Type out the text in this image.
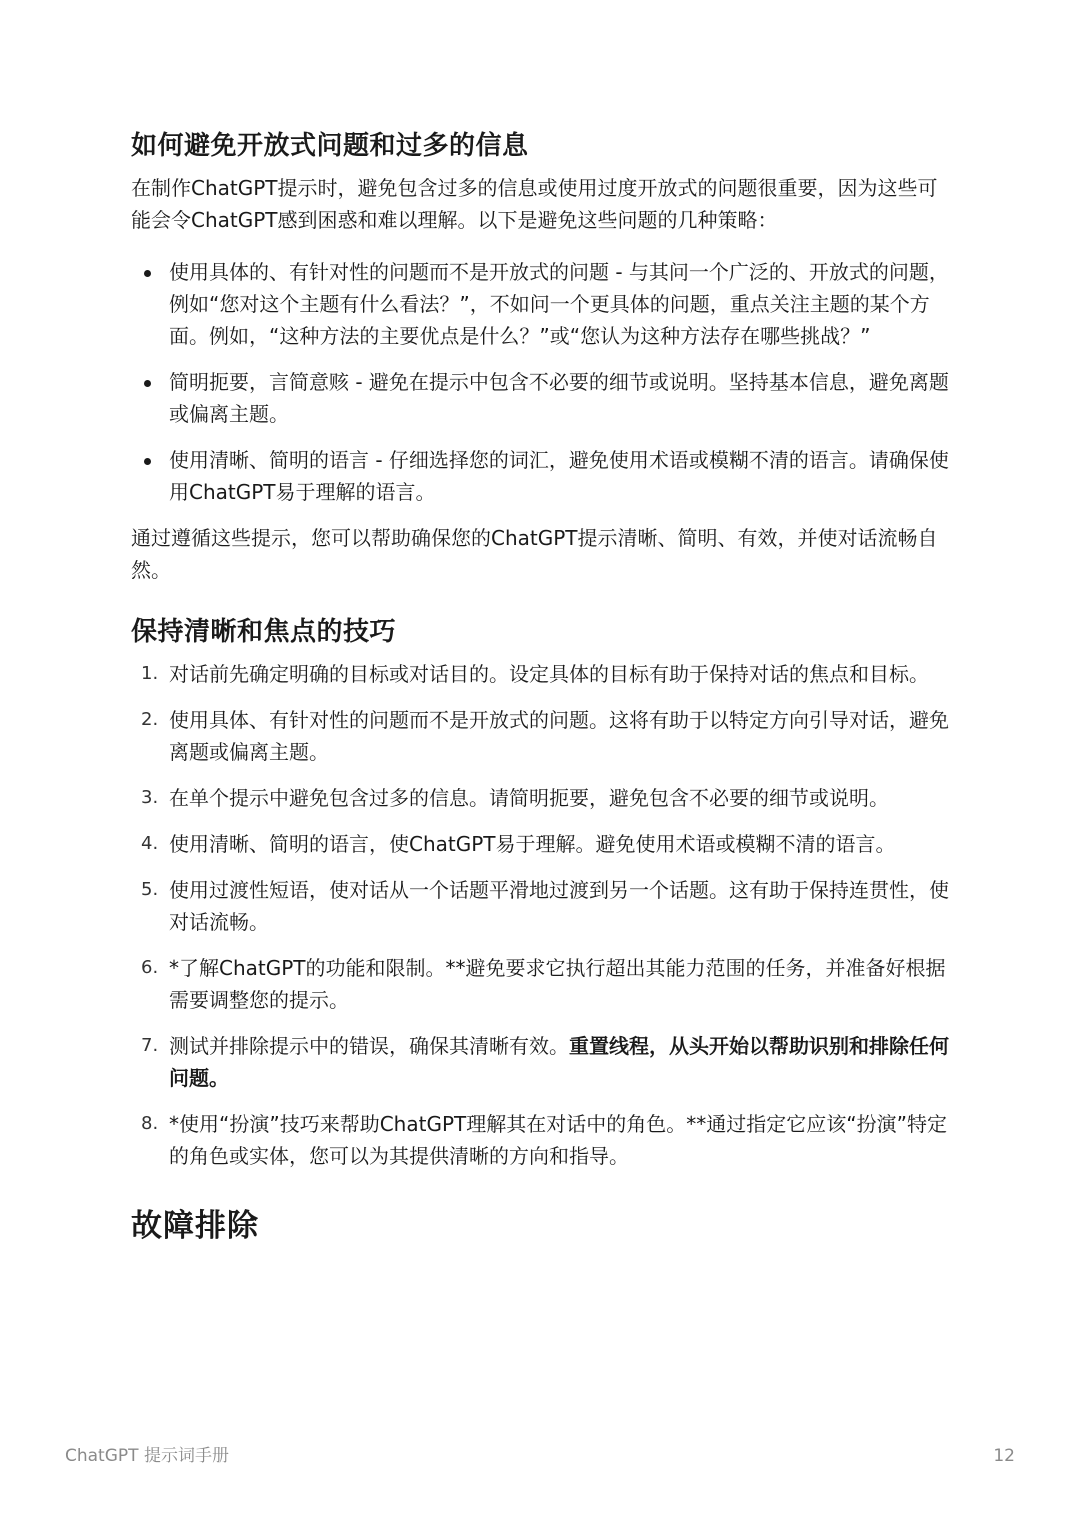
如何避免开放式问题和过多的信息

在制作ChatGPT提示时，避免包含过多的信息或使用过度开放式的问题很重要，因为这些可能会令ChatGPT感到困惑和难以理解。以下是避免这些问题的几种策略：

使用具体的、有针对性的问题而不是开放式的问题 - 与其问一个广泛的、开放式的问题，例如“您对这个主题有什么看法？”，不如问一个更具体的问题，重点关注主题的某个方面。例如，“这种方法的主要优点是什么？”或“您认为这种方法存在哪些挑战？”
简明扼要，言简意赅 - 避免在提示中包含不必要的细节或说明。坚持基本信息，避免离题或偏离主题。
使用清晰、简明的语言 - 仔细选择您的词汇，避免使用术语或模糊不清的语言。请确保使用ChatGPT易于理解的语言。

通过遵循这些提示，您可以帮助确保您的ChatGPT提示清晰、简明、有效，并使对话流畅自然。

保持清晰和焦点的技巧
1. 对话前先确定明确的目标或对话目的。设定具体的目标有助于保持对话的焦点和目标。
2. 使用具体、有针对性的问题而不是开放式的问题。这将有助于以特定方向引导对话，避免离题或偏离主题。
3. 在单个提示中避免包含过多的信息。请简明扼要，避免包含不必要的细节或说明。
4. 使用清晰、简明的语言，使ChatGPT易于理解。避免使用术语或模糊不清的语言。
5. 使用过渡性短语，使对话从一个话题平滑地过渡到另一个话题。这有助于保持连贯性，使对话流畅。
6. *了解ChatGPT的功能和限制。**避免要求它执行超出其能力范围的任务，并准备好根据需要调整您的提示。
7. 测试并排除提示中的错误，确保其清晰有效。重置线程，从头开始以帮助识别和排除任何问题。
8. *使用“扮演”技巧来帮助ChatGPT理解其在对话中的角色。**通过指定它应该“扮演”特定的角色或实体，您可以为其提供清晰的方向和指导。
故障排除
ChatGPT 提示词手册	12
